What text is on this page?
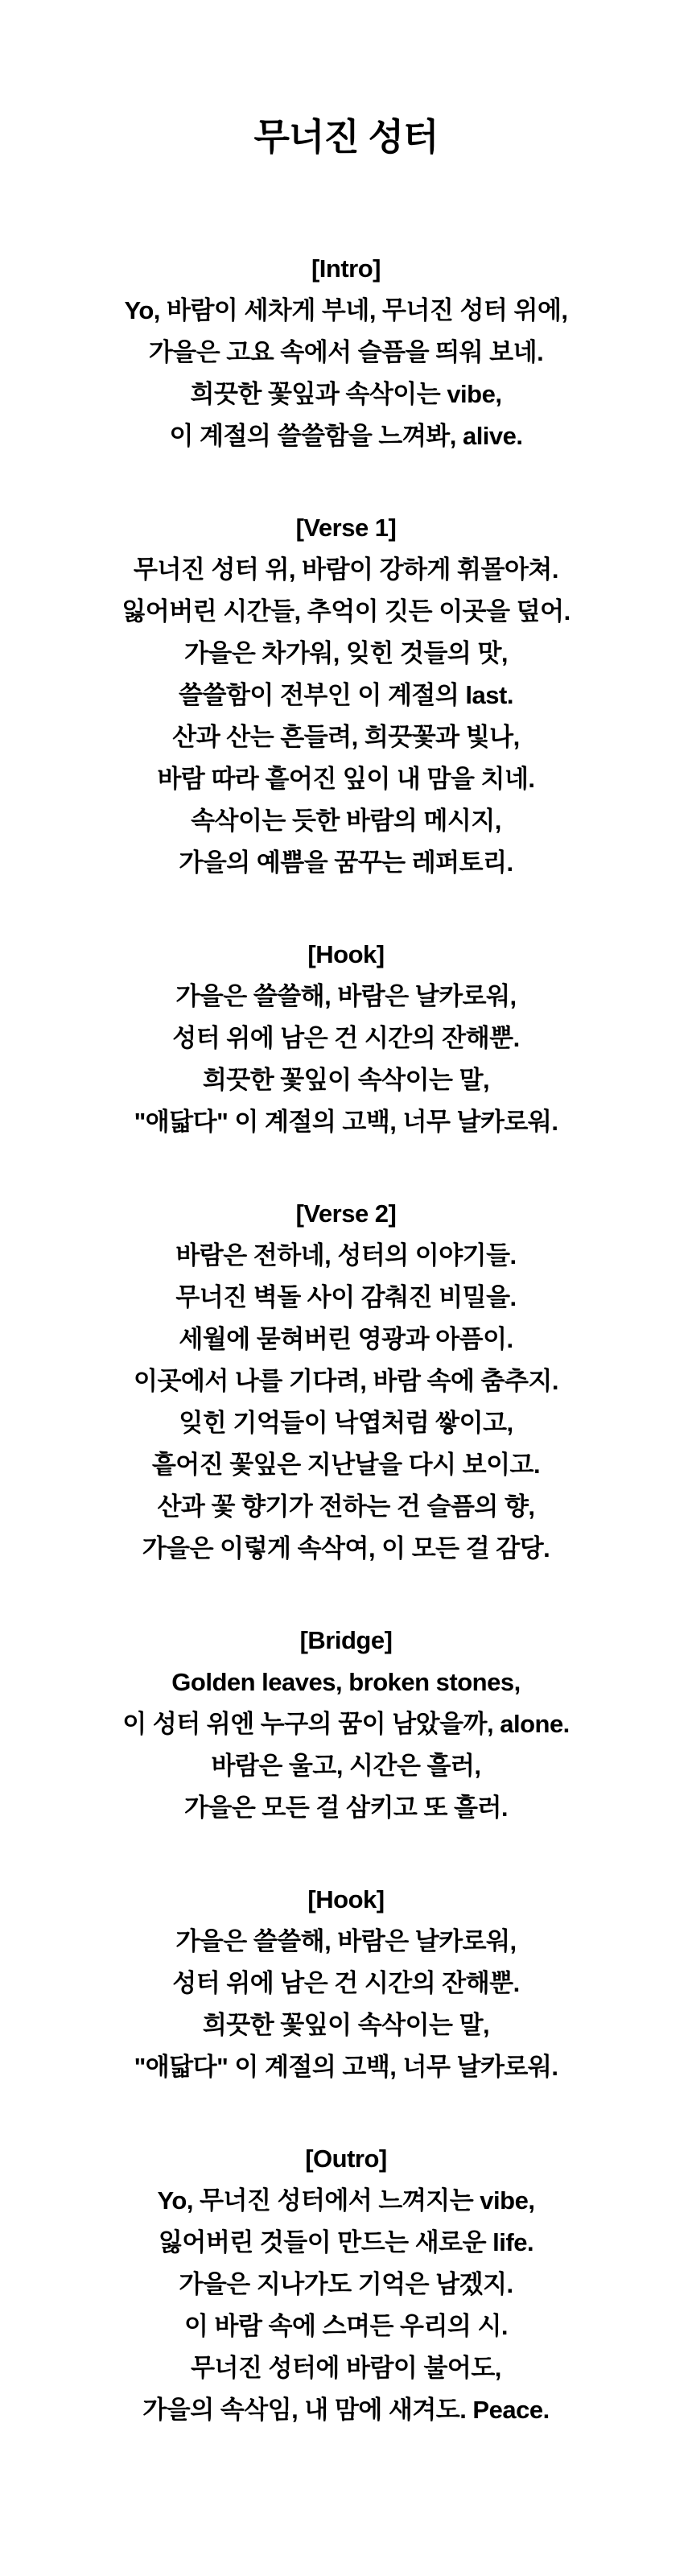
무너진 성터
[Intro]
Yo, 바람이 세차게 부네, 무너진 성터 위에,
가을은 고요 속에서 슬픔을 띄워 보네.
희끗한 꽃잎과 속삭이는 vibe,
이 계절의 쓸쓸함을 느껴봐, alive.
[Verse 1]
무너진 성터 위, 바람이 강하게 휘몰아쳐.
잃어버린 시간들, 추억이 깃든 이곳을 덮어.
가을은 차가워, 잊힌 것들의 맛,
쓸쓸함이 전부인 이 계절의 last.
산과 산는 흔들려, 희끗꽃과 빛나,
바람 따라 흩어진 잎이 내 맘을 치네.
속삭이는 듯한 바람의 메시지,
가을의 예쁨을 꿈꾸는 레퍼토리.
[Hook]
가을은 쓸쓸해, 바람은 날카로워,
성터 위에 남은 건 시간의 잔해뿐.
희끗한 꽃잎이 속삭이는 말,
"애닯다" 이 계절의 고백, 너무 날카로워.
[Verse 2]
바람은 전하네, 성터의 이야기들.
무너진 벽돌 사이 감춰진 비밀을.
세월에 묻혀버린 영광과 아픔이.
이곳에서 나를 기다려, 바람 속에 춤추지.
잊힌 기억들이 낙엽처럼 쌓이고,
흩어진 꽃잎은 지난날을 다시 보이고.
산과 꽃 향기가 전하는 건 슬픔의 향,
가을은 이렇게 속삭여, 이 모든 걸 감당.
[Bridge]
Golden leaves, broken stones,
이 성터 위엔 누구의 꿈이 남았을까, alone.
바람은 울고, 시간은 흘러,
가을은 모든 걸 삼키고 또 흘러.
[Hook]
가을은 쓸쓸해, 바람은 날카로워,
성터 위에 남은 건 시간의 잔해뿐.
희끗한 꽃잎이 속삭이는 말,
"애닯다" 이 계절의 고백, 너무 날카로워.
[Outro]
Yo, 무너진 성터에서 느껴지는 vibe,
잃어버린 것들이 만드는 새로운 life.
가을은 지나가도 기억은 남겠지.
이 바람 속에 스며든 우리의 시.
무너진 성터에 바람이 불어도,
가을의 속삭임, 내 맘에 새겨도. Peace.
